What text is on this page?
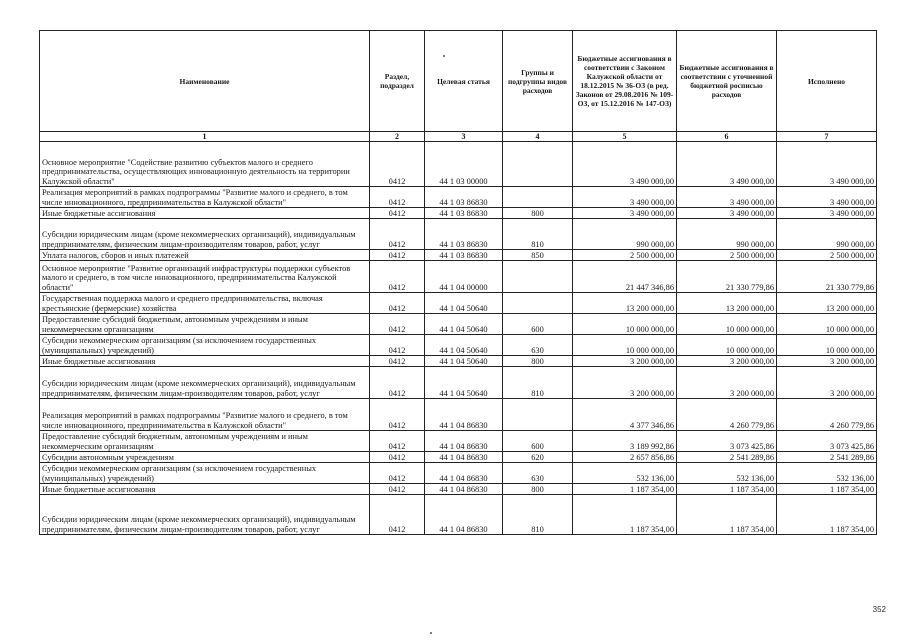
Наименование	Раздел, подраздел	Целевая статья	Группы и подгруппы видов расходов	Бюджетные ассигнования в соответствии с Законом Калужской области от 18.12.2015 № 36-ОЗ (в ред. Законов от 29.08.2016 № 109-ОЗ, от 15.12.2016 № 147-ОЗ)	Бюджетные ассигнования в соответствии с уточненной бюджетной росписью расходов	Исполнено
1	2	3	4	5	6	7
Основное мероприятие "Содействие развитию субъектов малого и среднего предпринимательства, осуществляющих инновационную деятельность на территории Калужской области"	0412	44 1 03 00000		3 490 000,00	3 490 000,00	3 490 000,00
Реализация мероприятий в рамках подпрограммы "Развитие малого и среднего, в том числе инновационного, предпринимательства в Калужской области"	0412	44 1 03 86830		3 490 000,00	3 490 000,00	3 490 000,00
Иные бюджетные ассигнования	0412	44 1 03 86830	800	3 490 000,00	3 490 000,00	3 490 000,00
Субсидии юридическим лицам (кроме некоммерческих организаций), индивидуальным предпринимателям, физическим лицам-производителям товаров, работ, услуг	0412	44 1 03 86830	810	990 000,00	990 000,00	990 000,00
Уплата налогов, сборов и иных платежей	0412	44 1 03 86830	850	2 500 000,00	2 500 000,00	2 500 000,00
Основное мероприятие "Развитие организаций инфраструктуры поддержки субъектов малого и среднего, в том числе инновационного, предпринимательства Калужской области"	0412	44 1 04 00000		21 447 346,86	21 330 779,86	21 330 779,86
Государственная поддержка малого и среднего предпринимательства, включая крестьянские (фермерские) хозяйства	0412	44 1 04 50640		13 200 000,00	13 200 000,00	13 200 000,00
Предоставление субсидий бюджетным, автономным учреждениям и иным некоммерческим организациям	0412	44 1 04 50640	600	10 000 000,00	10 000 000,00	10 000 000,00
Субсидии некоммерческим организациям (за исключением государственных (муниципальных) учреждений)	0412	44 1 04 50640	630	10 000 000,00	10 000 000,00	10 000 000,00
Иные бюджетные ассигнования	0412	44 1 04 50640	800	3 200 000,00	3 200 000,00	3 200 000,00
Субсидии юридическим лицам (кроме некоммерческих организаций), индивидуальным предпринимателям, физическим лицам-производителям товаров, работ, услуг	0412	44 1 04 50640	810	3 200 000,00	3 200 000,00	3 200 000,00
Реализация мероприятий в рамках подпрограммы "Развитие малого и среднего, в том числе инновационного, предпринимательства в Калужской области"	0412	44 1 04 86830		4 377 346,86	4 260 779,86	4 260 779,86
Предоставление субсидий бюджетным, автономным учреждениям и иным некоммерческим организациям	0412	44 1 04 86830	600	3 189 992,86	3 073 425,86	3 073 425,86
Субсидии автономным учреждениям	0412	44 1 04 86830	620	2 657 856,86	2 541 289,86	2 541 289,86
Субсидии некоммерческим организациям (за исключением государственных (муниципальных) учреждений)	0412	44 1 04 86830	630	532 136,00	532 136,00	532 136,00
Иные бюджетные ассигнования	0412	44 1 04 86830	800	1 187 354,00	1 187 354,00	1 187 354,00
Субсидии юридическим лицам (кроме некоммерческих организаций), индивидуальным предпринимателям, физическим лицам-производителям товаров, работ, услуг	0412	44 1 04 86830	810	1 187 354,00	1 187 354,00	1 187 354,00
352
